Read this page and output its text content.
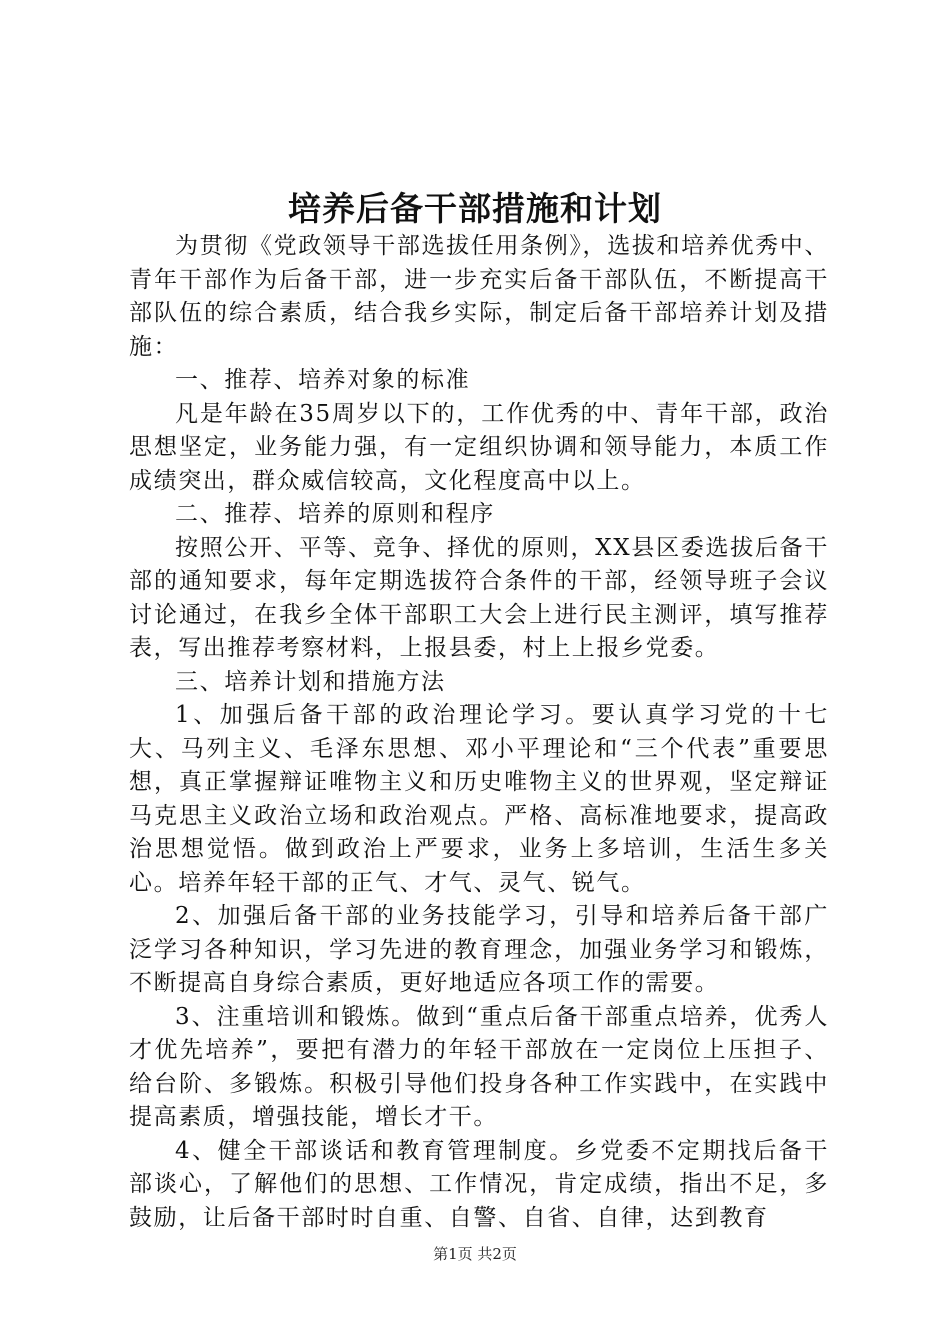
培养后备干部措施和计划

为贯彻《党政领导干部选拔任用条例》，选拔和培养优秀中、青年干部作为后备干部，进一步充实后备干部队伍，不断提高干部队伍的综合素质，结合我乡实际，制定后备干部培养计划及措施：

一、推荐、培养对象的标准

凡是年龄在35周岁以下的，工作优秀的中、青年干部，政治思想坚定，业务能力强，有一定组织协调和领导能力，本质工作成绩突出，群众威信较高，文化程度高中以上。

二、推荐、培养的原则和程序

按照公开、平等、竞争、择优的原则，XX县区委选拔后备干部的通知要求，每年定期选拔符合条件的干部，经领导班子会议讨论通过，在我乡全体干部职工大会上进行民主测评，填写推荐表，写出推荐考察材料，上报县委，村上上报乡党委。

三、培养计划和措施方法

1、加强后备干部的政治理论学习。要认真学习党的十七大、马列主义、毛泽东思想、邓小平理论和“三个代表”重要思想，真正掌握辩证唯物主义和历史唯物主义的世界观，坚定辩证马克思主义政治立场和政治观点。严格、高标准地要求，提高政治思想觉悟。做到政治上严要求，业务上多培训，生活生多关心。培养年轻干部的正气、才气、灵气、锐气。

2、加强后备干部的业务技能学习，引导和培养后备干部广泛学习各种知识，学习先进的教育理念，加强业务学习和锻炼，不断提高自身综合素质，更好地适应各项工作的需要。

3、注重培训和锻炼。做到“重点后备干部重点培养，优秀人才优先培养”，要把有潜力的年轻干部放在一定岗位上压担子、给台阶、多锻炼。积极引导他们投身各种工作实践中，在实践中提高素质，增强技能，增长才干。

4、健全干部谈话和教育管理制度。乡党委不定期找后备干部谈心，了解他们的思想、工作情况，肯定成绩，指出不足，多鼓励，让后备干部时时自重、自警、自省、自律，达到教育

第1页 共2页
